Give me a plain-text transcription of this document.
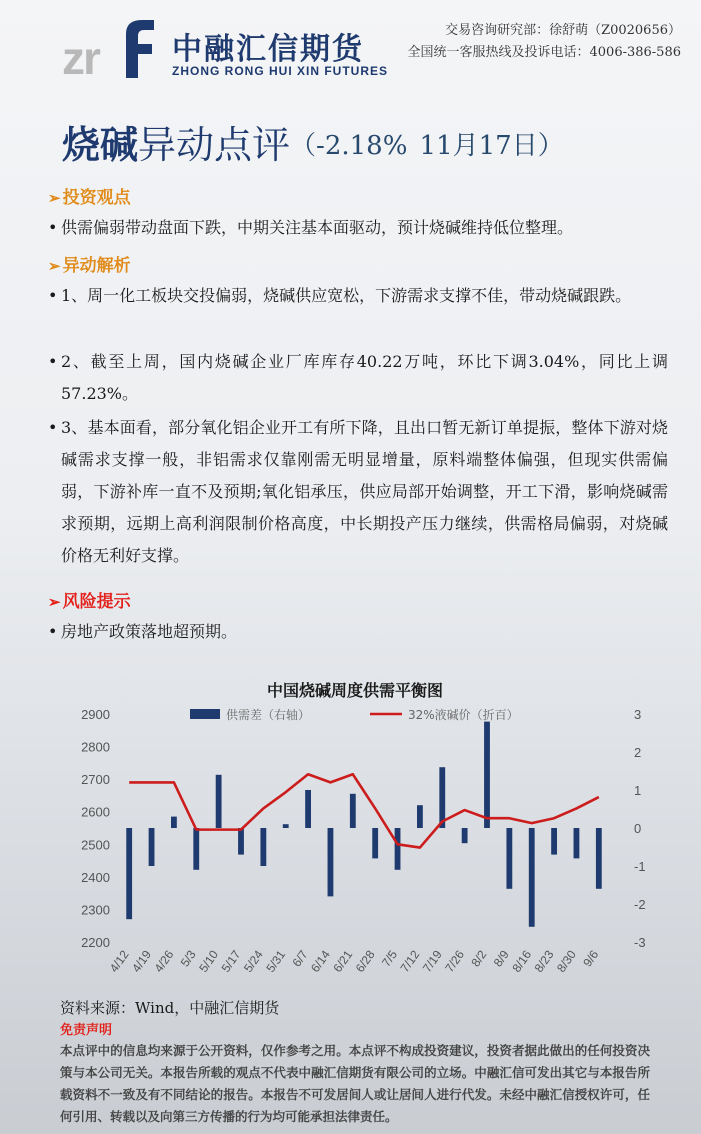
zr 中融汇信期货
ZHONG RONG HUI XIN FUTURES
交易咨询研究部：徐舒萌（Z0020656）
全国统一客服热线及投诉电话：4006-386-586
烧碱异动点评（-2.18% 11月17日）
➢ 投资观点
• 供需偏弱带动盘面下跌，中期关注基本面驱动，预计烧碱维持低位整理。
➢ 异动解析
• 1、周一化工板块交投偏弱，烧碱供应宽松，下游需求支撑不佳，带动烧碱跟跌。
• 2、截至上周，国内烧碱企业厂库库存40.22万吨，环比下调3.04%，同比上调57.23%。
• 3、基本面看，部分氧化铝企业开工有所下降，且出口暂无新订单提振，整体下游对烧碱需求支撑一般，非铝需求仅靠刚需无明显增量，原料端整体偏强，但现实供需偏弱，下游补库一直不及预期;氧化铝承压，供应局部开始调整，开工下滑，影响烧碱需求预期，远期上高利润限制价格高度，中长期投产压力继续，供需格局偏弱，对烧碱价格无利好支撑。
➢ 风险提示
• 房地产政策落地超预期。
中国烧碱周度供需平衡图
供需差（右轴）	32%液碱价（折百）
2200
2300
2400
2500
2600
2700
2800
2900
-3
-2
-1
0
1
2
3
4/12
4/19
4/26 5/3
5/10
5/17
5/24
5/31 6/7
6/14
6/21
6/28 7/5
7/12
7/19
7/26 8/2 8/9
8/16
8/23
8/30 9/6
资料来源：Wind，中融汇信期货
免责声明
本点评中的信息均来源于公开资料，仅作参考之用。本点评不构成投资建议，投资者据此做出的任何投资决策与本公司无关。本报告所载的观点不代表中融汇信期货有限公司的立场。中融汇信可发出其它与本报告所载资料不一致及有不同结论的报告。本报告不可发居间人或让居间人进行代发。未经中融汇信授权许可，任何引用、转载以及向第三方传播的行为均可能承担法律责任。
